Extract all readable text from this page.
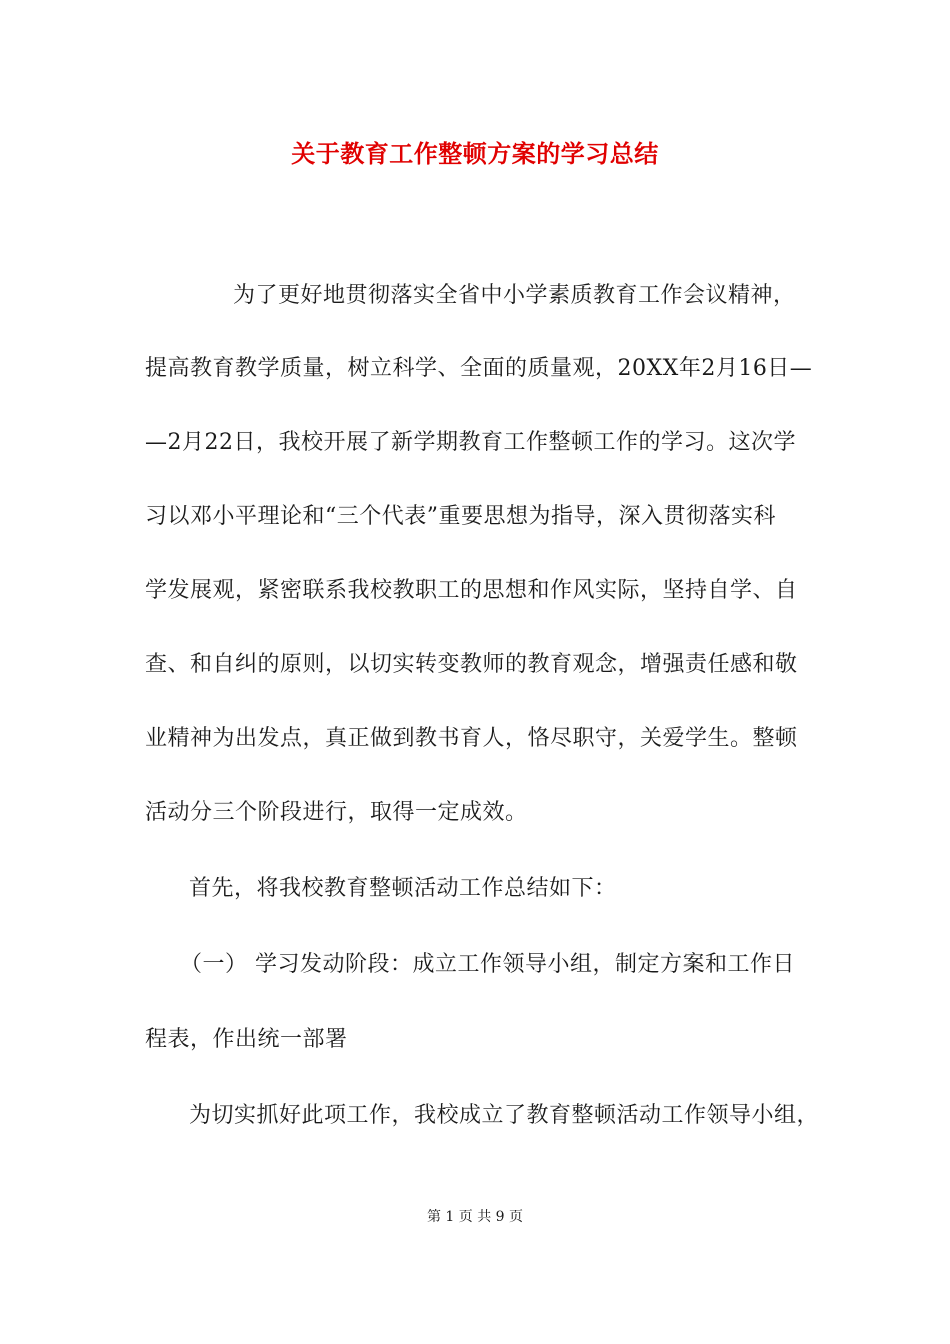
关于教育工作整顿方案的学习总结
为了更好地贯彻落实全省中小学素质教育工作会议精神，
提高教育教学质量，树立科学、全面的质量观，20XX年2月16日—
—2月22日，我校开展了新学期教育工作整顿工作的学习。这次学
习以邓小平理论和“三个代表”重要思想为指导，深入贯彻落实科
学发展观，紧密联系我校教职工的思想和作风实际，坚持自学、自
查、和自纠的原则，以切实转变教师的教育观念，增强责任感和敬
业精神为出发点，真正做到教书育人，恪尽职守，关爱学生。整顿
活动分三个阶段进行，取得一定成效。
首先，将我校教育整顿活动工作总结如下：
（一） 学习发动阶段：成立工作领导小组，制定方案和工作日
程表，作出统一部署
为切实抓好此项工作，我校成立了教育整顿活动工作领导小组，
第 1 页 共 9 页
